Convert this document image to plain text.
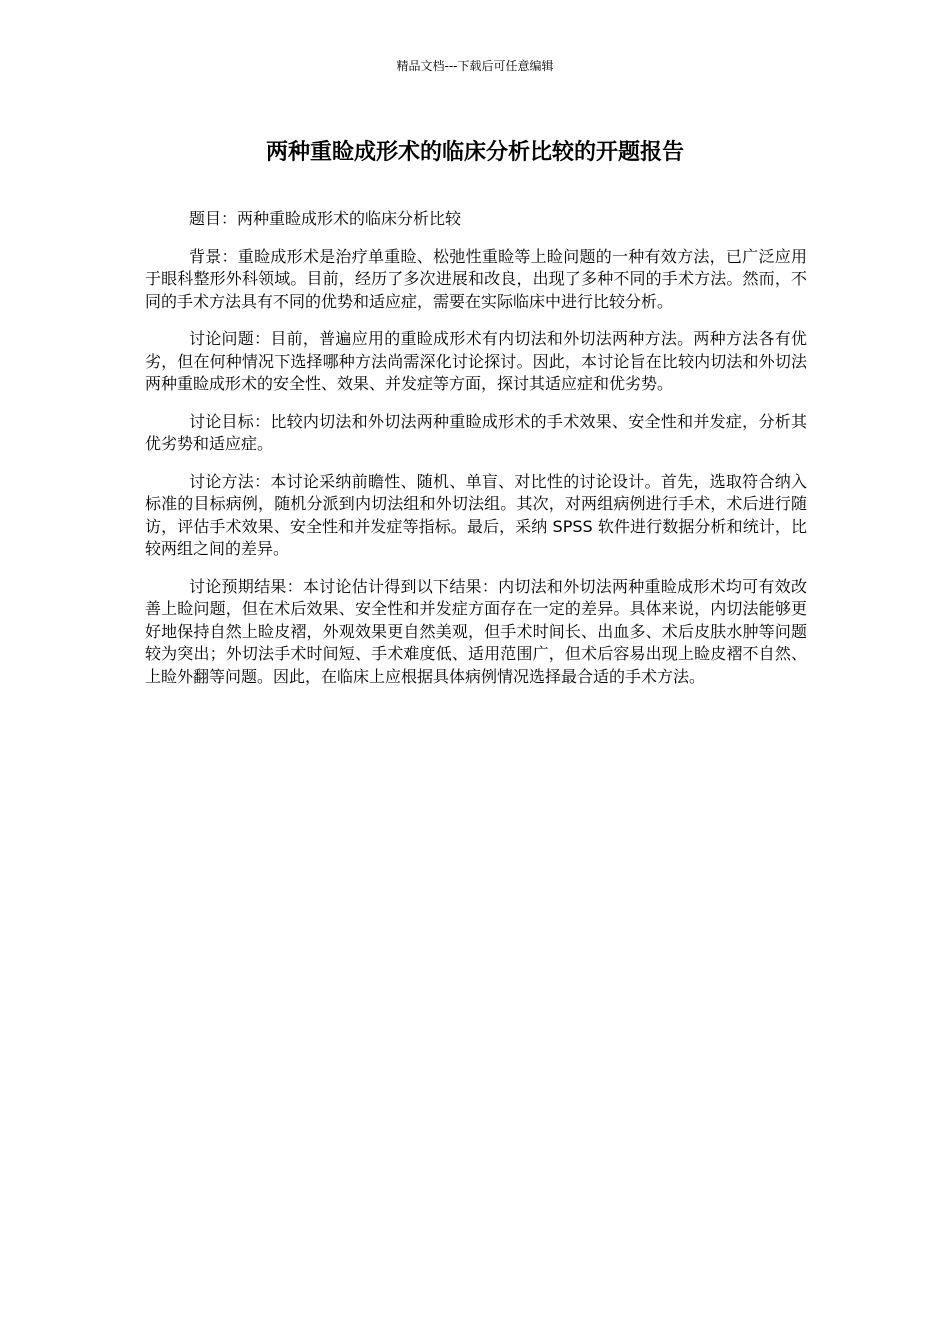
精品文档---下载后可任意编辑
两种重睑成形术的临床分析比较的开题报告

题目：两种重睑成形术的临床分析比较

背景：重睑成形术是治疗单重睑、松弛性重睑等上睑问题的一种有效方法，已广泛应用于眼科整形外科领域。目前，经历了多次进展和改良，出现了多种不同的手术方法。然而，不同的手术方法具有不同的优势和适应症，需要在实际临床中进行比较分析。

讨论问题：目前，普遍应用的重睑成形术有内切法和外切法两种方法。两种方法各有优劣，但在何种情况下选择哪种方法尚需深化讨论探讨。因此，本讨论旨在比较内切法和外切法两种重睑成形术的安全性、效果、并发症等方面，探讨其适应症和优劣势。

讨论目标：比较内切法和外切法两种重睑成形术的手术效果、安全性和并发症，分析其优劣势和适应症。

讨论方法：本讨论采纳前瞻性、随机、单盲、对比性的讨论设计。首先，选取符合纳入标准的目标病例，随机分派到内切法组和外切法组。其次，对两组病例进行手术，术后进行随访，评估手术效果、安全性和并发症等指标。最后，采纳 SPSS 软件进行数据分析和统计，比较两组之间的差异。

讨论预期结果：本讨论估计得到以下结果：内切法和外切法两种重睑成形术均可有效改善上睑问题，但在术后效果、安全性和并发症方面存在一定的差异。具体来说，内切法能够更好地保持自然上睑皮褶，外观效果更自然美观，但手术时间长、出血多、术后皮肤水肿等问题较为突出；外切法手术时间短、手术难度低、适用范围广，但术后容易出现上睑皮褶不自然、上睑外翻等问题。因此，在临床上应根据具体病例情况选择最合适的手术方法。
